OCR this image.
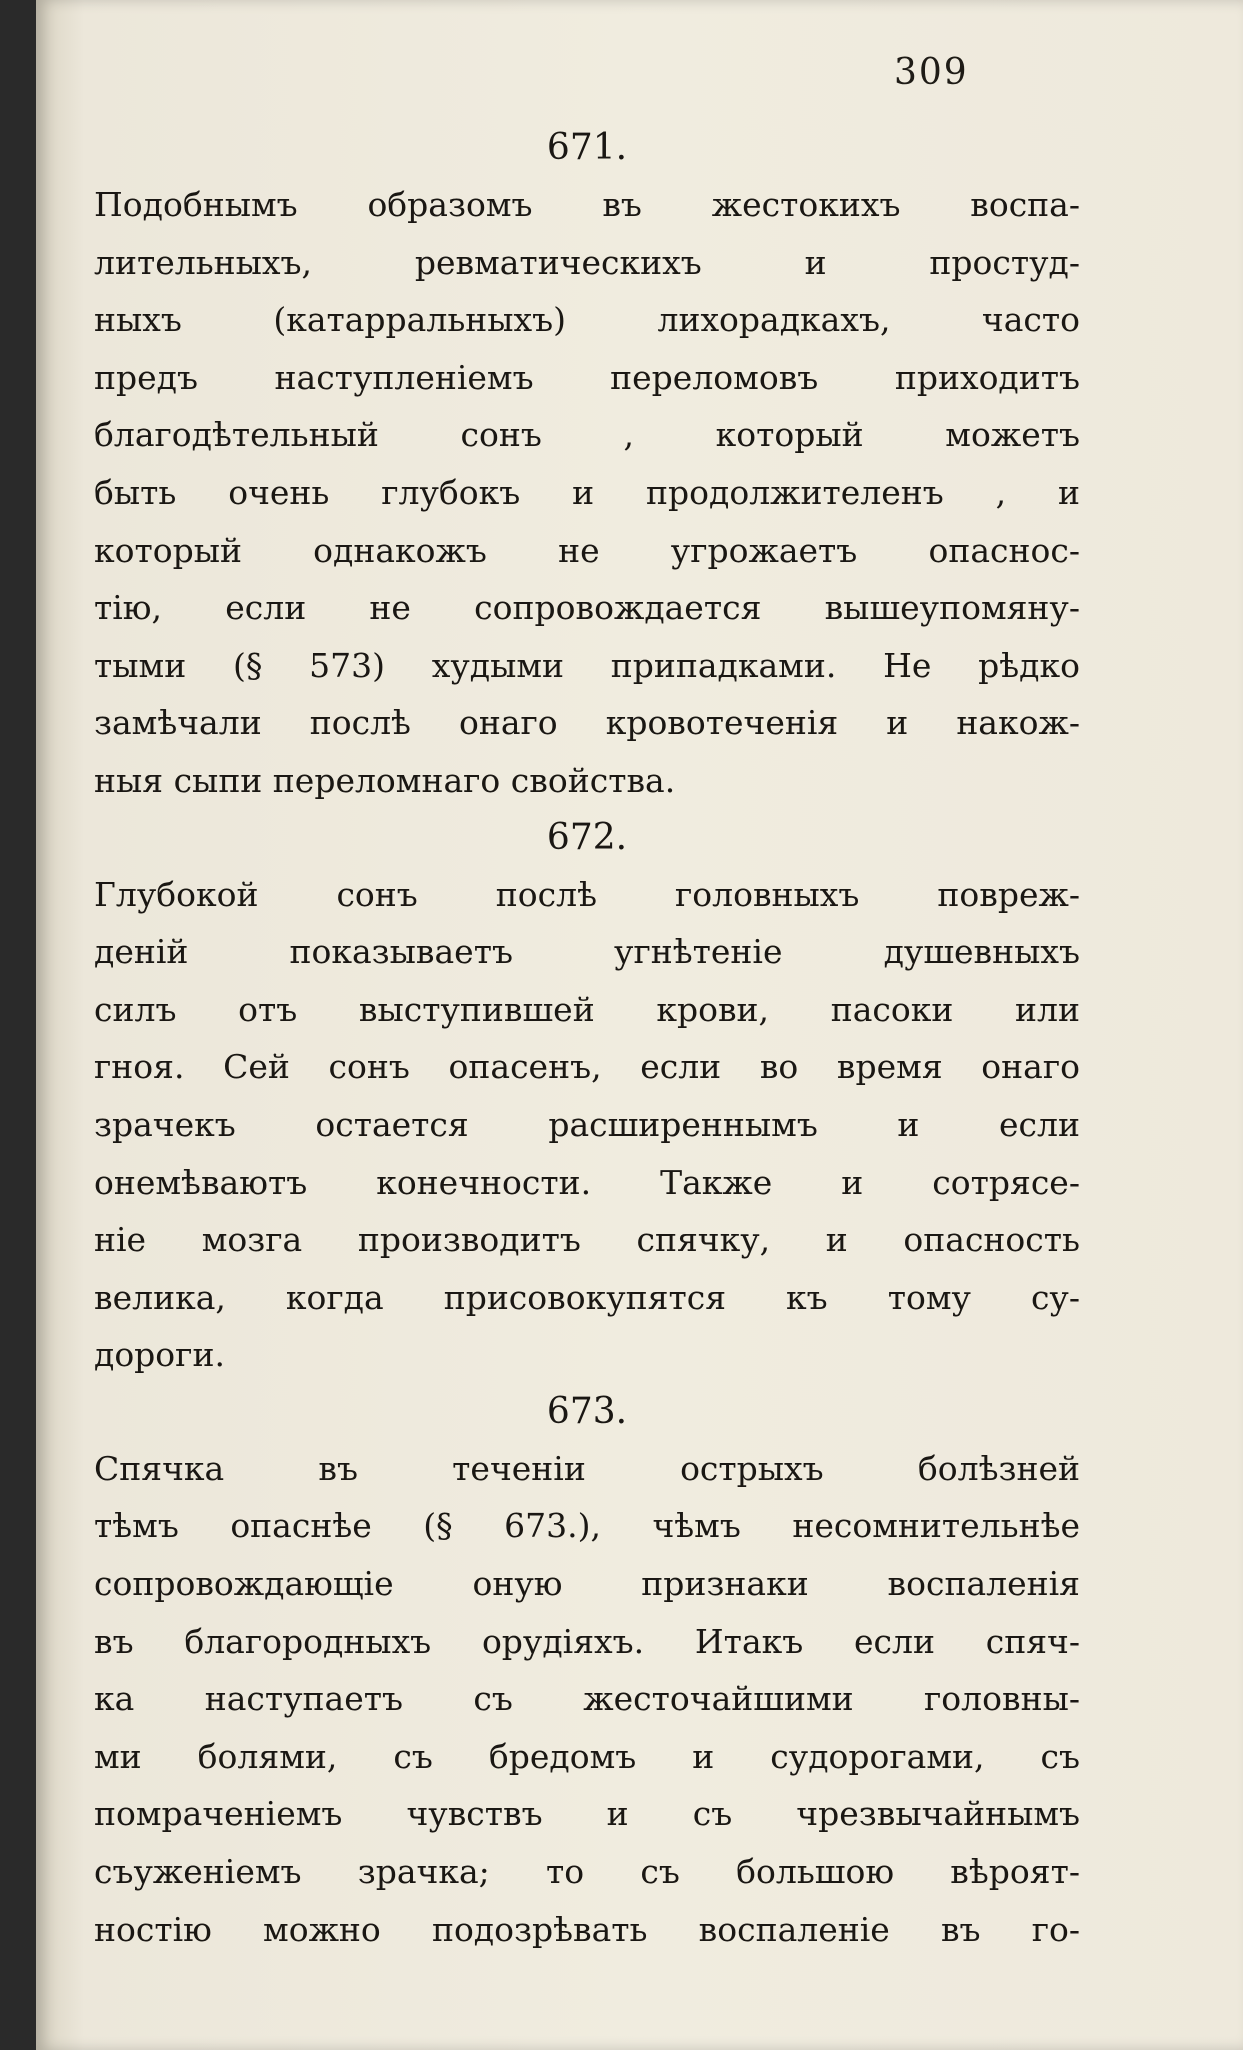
309
671.
Подобнымъ образомъ въ жестокихъ воспа-
лительныхъ, ревматическихъ и простуд-
ныхъ (катарральныхъ) лихорадкахъ, часто
предъ наступленіемъ переломовъ приходитъ
благодѣтельный сонъ , который можетъ
быть очень глубокъ и продолжителенъ , и
который однакожъ не угрожаетъ опаснос-
тію, если не сопровождается вышеупомяну-
тыми (§ 573) худыми припадками. Не рѣдко
замѣчали послѣ онаго кровотеченія и накож-
ныя сыпи переломнаго свойства.
672.
Глубокой сонъ послѣ головныхъ повреж-
деній показываетъ угнѣтеніе душевныхъ
силъ отъ выступившей крови, пасоки или
гноя. Сей сонъ опасенъ, если во время онаго
зрачекъ остается расширеннымъ и если
онемѣваютъ конечности. Также и сотрясе-
ніе мозга производитъ спячку, и опасность
велика, когда присовокупятся къ тому су-
дороги.
673.
Спячка въ теченіи острыхъ болѣзней
тѣмъ опаснѣе (§ 673.), чѣмъ несомнительнѣе
сопровождающіе оную признаки воспаленія
въ благородныхъ орудіяхъ. Итакъ если спяч-
ка наступаетъ съ жесточайшими головны-
ми болями, съ бредомъ и судорогами, съ
помраченіемъ чувствъ и съ чрезвычайнымъ
съуженіемъ зрачка; то съ большою вѣроят-
ностію можно подозрѣвать воспаленіе въ го-
